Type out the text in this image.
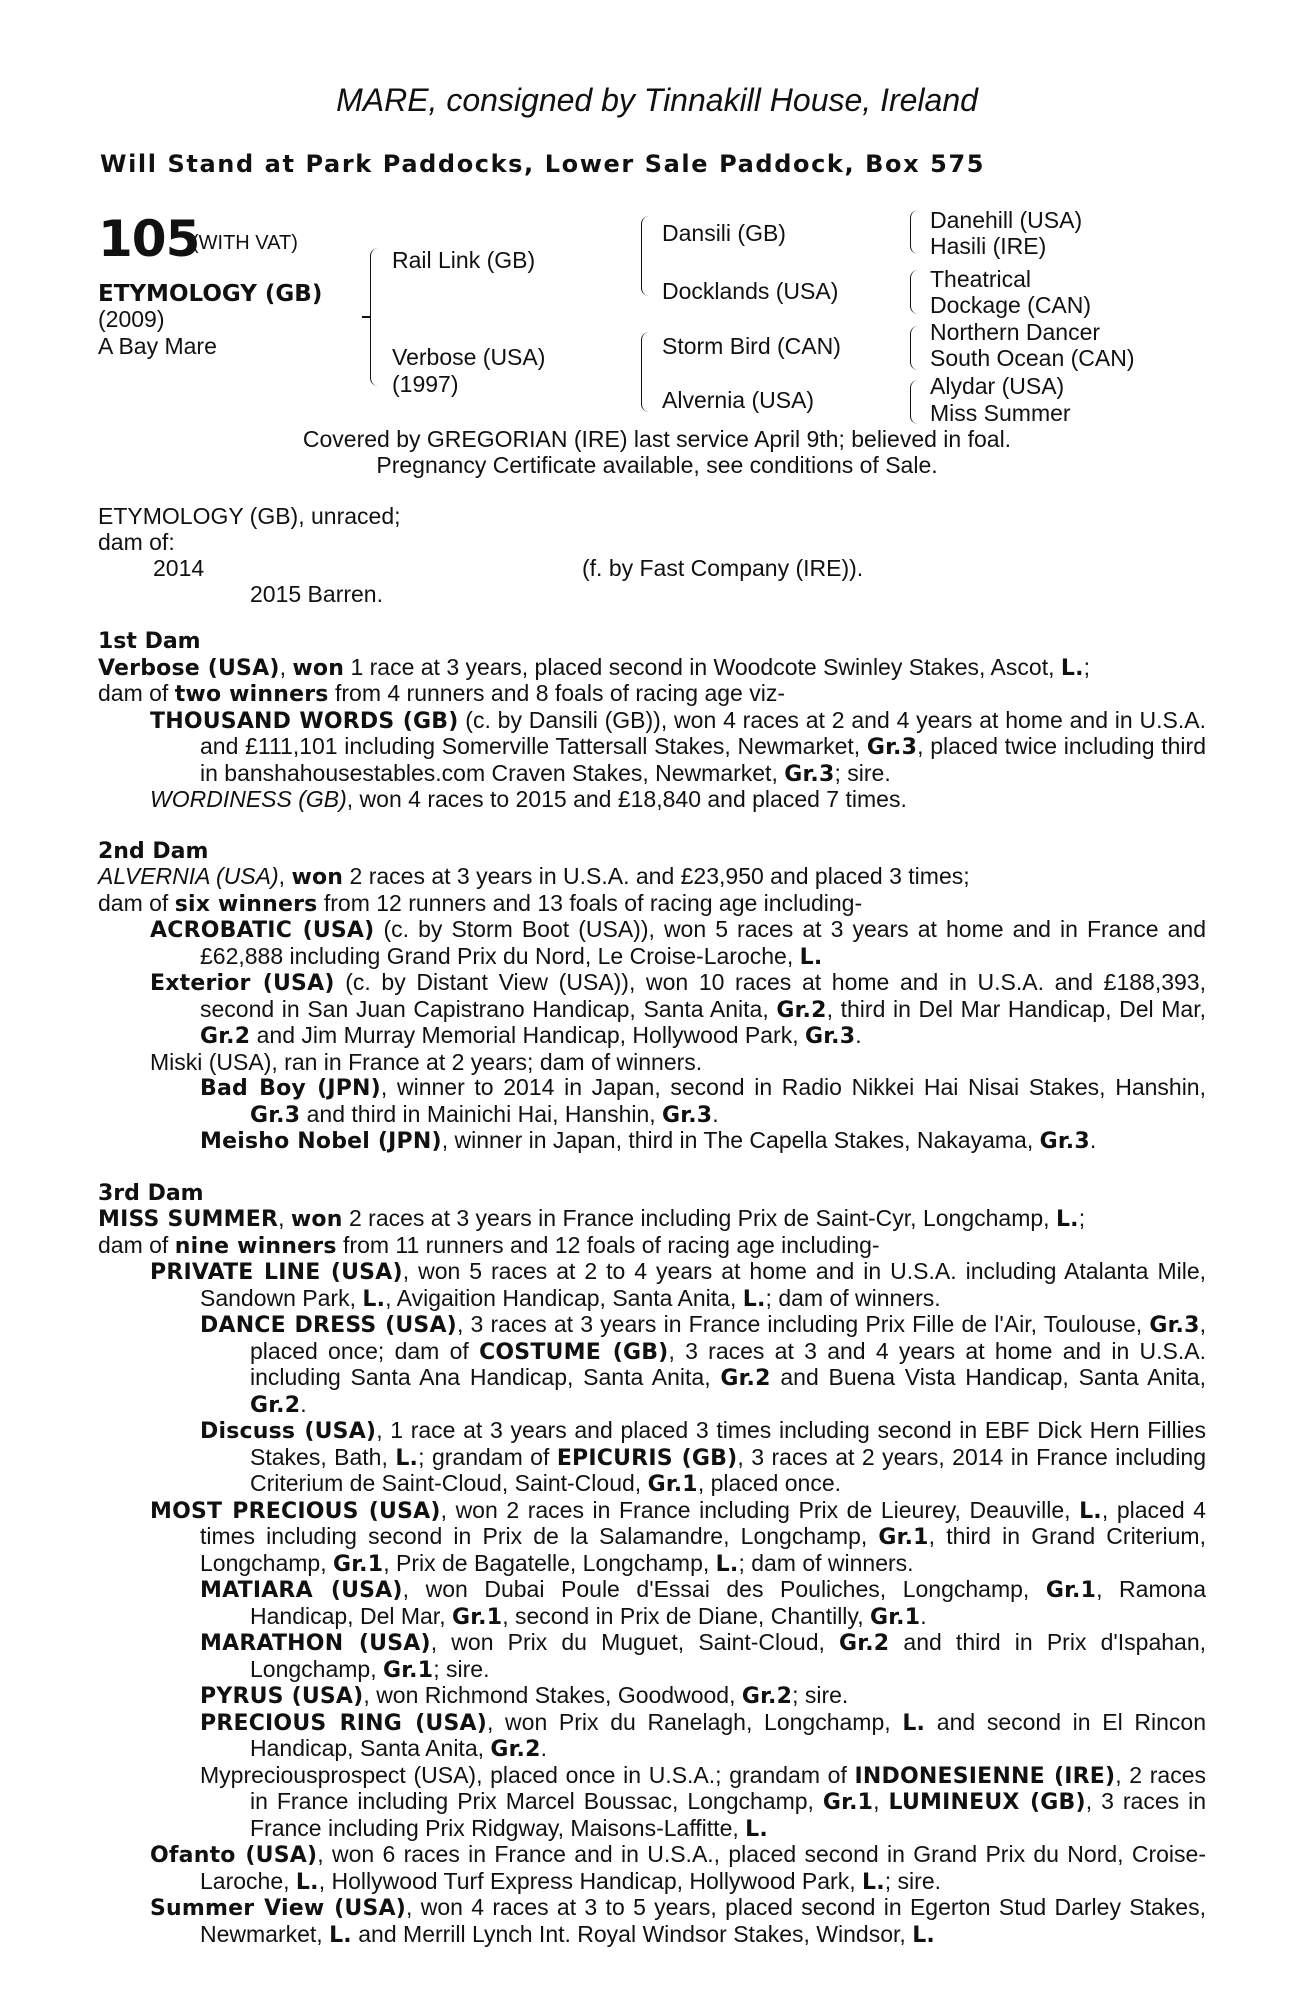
MARE, consigned by Tinnakill House, Ireland
Will Stand at Park Paddocks, Lower Sale Paddock, Box 575
105
(WITH VAT)
ETYMOLOGY (GB)
(2009)
A Bay Mare
Rail Link (GB)
Verbose (USA)
(1997)
Dansili (GB)
Docklands (USA)
Storm Bird (CAN)
Alvernia (USA)
Danehill (USA)
Hasili (IRE)
Theatrical
Dockage (CAN)
Northern Dancer
South Ocean (CAN)
Alydar (USA)
Miss Summer
Covered by GREGORIAN (IRE) last service April 9th; believed in foal.
Pregnancy Certificate available, see conditions of Sale.
ETYMOLOGY (GB), unraced;
dam of:
2014	(f. by Fast Company (IRE)).
2015 Barren.

1st Dam

Verbose (USA), won 1 race at 3 years, placed second in Woodcote Swinley Stakes, Ascot, L.;

dam of two winners from 4 runners and 8 foals of racing age viz-

THOUSAND WORDS (GB) (c. by Dansili (GB)), won 4 races at 2 and 4 years at home and in U.S.A. and £111,101 including Somerville Tattersall Stakes, Newmarket, Gr.3, placed twice including third in banshahousestables.com Craven Stakes, Newmarket, Gr.3; sire.

WORDINESS (GB), won 4 races to 2015 and £18,840 and placed 7 times.

2nd Dam

ALVERNIA (USA), won 2 races at 3 years in U.S.A. and £23,950 and placed 3 times;

dam of six winners from 12 runners and 13 foals of racing age including-

ACROBATIC (USA) (c. by Storm Boot (USA)), won 5 races at 3 years at home and in France and £62,888 including Grand Prix du Nord, Le Croise-Laroche, L.

Exterior (USA) (c. by Distant View (USA)), won 10 races at home and in U.S.A. and £188,393, second in San Juan Capistrano Handicap, Santa Anita, Gr.2, third in Del Mar Handicap, Del Mar, Gr.2 and Jim Murray Memorial Handicap, Hollywood Park, Gr.3.

Miski (USA), ran in France at 2 years; dam of winners.

Bad Boy (JPN), winner to 2014 in Japan, second in Radio Nikkei Hai Nisai Stakes, Hanshin, Gr.3 and third in Mainichi Hai, Hanshin, Gr.3.

Meisho Nobel (JPN), winner in Japan, third in The Capella Stakes, Nakayama, Gr.3.

3rd Dam

MISS SUMMER, won 2 races at 3 years in France including Prix de Saint-Cyr, Longchamp, L.;

dam of nine winners from 11 runners and 12 foals of racing age including-

PRIVATE LINE (USA), won 5 races at 2 to 4 years at home and in U.S.A. including Atalanta Mile, Sandown Park, L., Avigaition Handicap, Santa Anita, L.; dam of winners.

DANCE DRESS (USA), 3 races at 3 years in France including Prix Fille de l'Air, Toulouse, Gr.3, placed once; dam of COSTUME (GB), 3 races at 3 and 4 years at home and in U.S.A. including Santa Ana Handicap, Santa Anita, Gr.2 and Buena Vista Handicap, Santa Anita, Gr.2.

Discuss (USA), 1 race at 3 years and placed 3 times including second in EBF Dick Hern Fillies Stakes, Bath, L.; grandam of EPICURIS (GB), 3 races at 2 years, 2014 in France including Criterium de Saint-Cloud, Saint-Cloud, Gr.1, placed once.

MOST PRECIOUS (USA), won 2 races in France including Prix de Lieurey, Deauville, L., placed 4 times including second in Prix de la Salamandre, Longchamp, Gr.1, third in Grand Criterium, Longchamp, Gr.1, Prix de Bagatelle, Longchamp, L.; dam of winners.

MATIARA (USA), won Dubai Poule d'Essai des Pouliches, Longchamp, Gr.1, Ramona Handicap, Del Mar, Gr.1, second in Prix de Diane, Chantilly, Gr.1.

MARATHON (USA), won Prix du Muguet, Saint-Cloud, Gr.2 and third in Prix d'Ispahan, Longchamp, Gr.1; sire.

PYRUS (USA), won Richmond Stakes, Goodwood, Gr.2; sire.

PRECIOUS RING (USA), won Prix du Ranelagh, Longchamp, L. and second in El Rincon Handicap, Santa Anita, Gr.2.

Mypreciousprospect (USA), placed once in U.S.A.; grandam of INDONESIENNE (IRE), 2 races in France including Prix Marcel Boussac, Longchamp, Gr.1, LUMINEUX (GB), 3 races in France including Prix Ridgway, Maisons-Laffitte, L.

Ofanto (USA), won 6 races in France and in U.S.A., placed second in Grand Prix du Nord, Croise-Laroche, L., Hollywood Turf Express Handicap, Hollywood Park, L.; sire.

Summer View (USA), won 4 races at 3 to 5 years, placed second in Egerton Stud Darley Stakes, Newmarket, L. and Merrill Lynch Int. Royal Windsor Stakes, Windsor, L.
